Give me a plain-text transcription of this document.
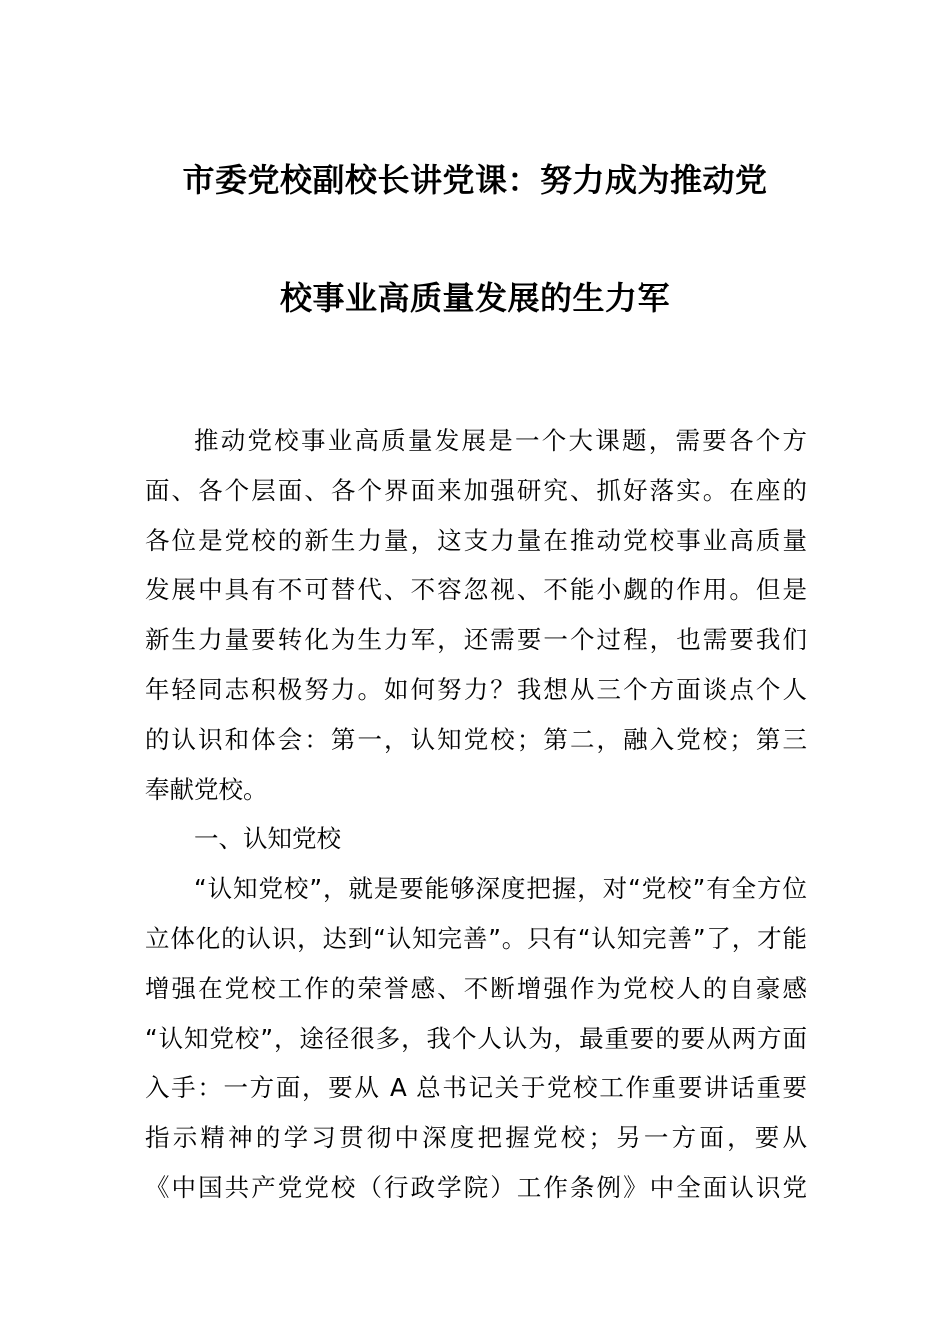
市委党校副校长讲党课：努力成为推动党
校事业高质量发展的生力军
推动党校事业高质量发展是一个大课题，需要各个方
面、各个层面、各个界面来加强研究、抓好落实。在座的
各位是党校的新生力量，这支力量在推动党校事业高质量
发展中具有不可替代、不容忽视、不能小觑的作用。但是
新生力量要转化为生力军，还需要一个过程，也需要我们
年轻同志积极努力。如何努力？我想从三个方面谈点个人
的认识和体会：第一，认知党校；第二，融入党校；第三
奉献党校。
一、认知党校
“认知党校”，就是要能够深度把握，对“党校”有全方位
立体化的认识，达到“认知完善”。只有“认知完善”了，才能
增强在党校工作的荣誉感、不断增强作为党校人的自豪感
“认知党校”，途径很多，我个人认为，最重要的要从两方面
入手：一方面，要从 A 总书记关于党校工作重要讲话重要
指示精神的学习贯彻中深度把握党校；另一方面，要从
《中国共产党党校（行政学院）工作条例》中全面认识党
